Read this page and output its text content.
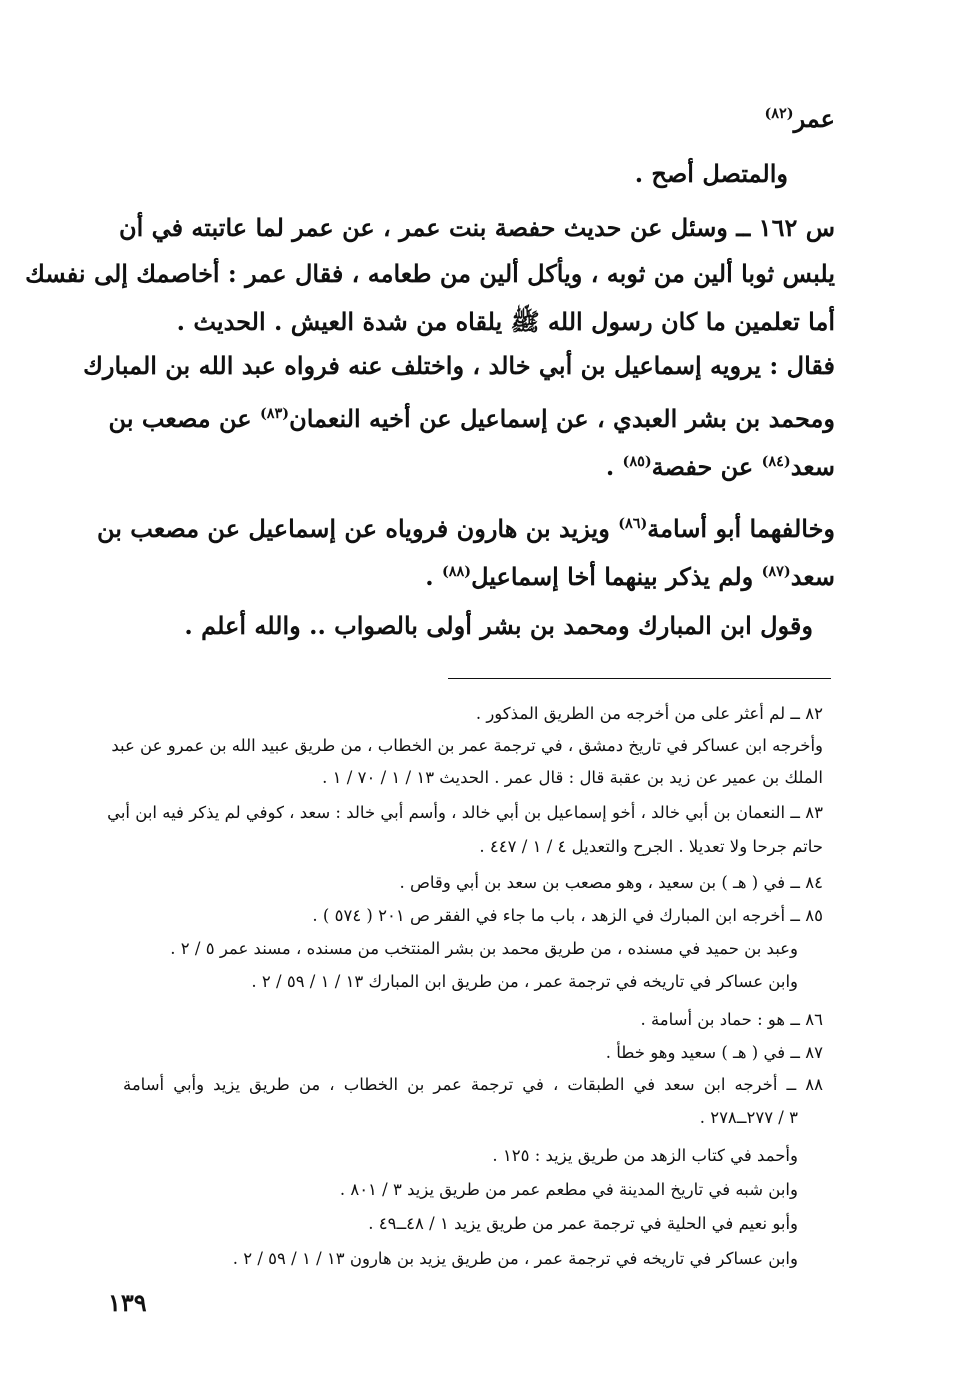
عمر$^{(٨٢)}$
والمتصل أصح .
س ١٦٢ ــ وسئل عن حديث حفصة بنت عمر ، عن عمر لما عاتبته في أن
يلبس ثوبا ألين من ثوبه ، ويأكل ألين من طعامه ، فقال عمر : أخاصمك إلى نفسك
أما تعلمين ما كان رسول الله ﷺ يلقاه من شدة العيش . الحديث .
فقال : يرويه إسماعيل بن أبي خالد ، واختلف عنه فرواه عبد الله بن المبارك
ومحمد بن بشر العبدي ، عن إسماعيل عن أخيه النعمان$^{(٨٣)}$ عن مصعب بن
سعد$^{(٨٤)}$ عن حفصة$^{(٨٥)}$ .
وخالفهما أبو أسامة$^{(٨٦)}$ ويزيد بن هارون فروياه عن إسماعيل عن مصعب بن
سعد$^{(٨٧)}$ ولم يذكر بينهما أخا إسماعيل$^{(٨٨)}$ .
وقول ابن المبارك ومحمد بن بشر أولى بالصواب .. والله أعلم .
٨٢ ــ لم أعثر على من أخرجه من الطريق المذكور .
وأخرجه ابن عساكر في تاريخ دمشق ، في ترجمة عمر بن الخطاب ، من طريق عبيد الله بن عمرو عن عبد
الملك بن عمير عن زيد بن عقبة قال : قال عمر . الحديث ١٣ / ١ / ٧٠ / ١ .
٨٣ ــ النعمان بن أبي خالد ، أخو إسماعيل بن أبي خالد ، وأسم أبي خالد : سعد ، كوفي لم يذكر فيه ابن أبي
حاتم جرحا ولا تعديلا . الجرح والتعديل ٤ / ١ / ٤٤٧ .
٨٤ ــ في ( هـ ) بن سعيد ، وهو مصعب بن سعد بن أبي وقاص .
٨٥ ــ أخرجه ابن المبارك في الزهد ، باب ما جاء في الفقر ص ٢٠١ ( ٥٧٤ ) .
وعبد بن حميد في مسنده ، من طريق محمد بن بشر المنتخب من مسنده ، مسند عمر ٥ / ٢ .
وابن عساكر في تاريخه في ترجمة عمر ، من طريق ابن المبارك ١٣ / ١ / ٥٩ / ٢ .
٨٦ ــ هو : حماد بن أسامة .
٨٧ ــ في ( هـ ) سعيد وهو خطأ .
٨٨ ــ أخرجه ابن سعد في الطبقات ، في ترجمة عمر بن الخطاب ، من طريق يزيد وأبي أسامة
٣ / ٢٧٧ــ٢٧٨ .
وأحمد في كتاب الزهد من طريق يزيد : ١٢٥ .
وابن شبه في تاريخ المدينة في مطعم عمر من طريق يزيد ٣ / ٨٠١ .
وأبو نعيم في الحلية في ترجمة عمر من طريق يزيد ١ / ٤٨ــ٤٩ .
وابن عساكر في تاريخه في ترجمة عمر ، من طريق يزيد بن هارون ١٣ / ١ / ٥٩ / ٢ .
١٣٩
